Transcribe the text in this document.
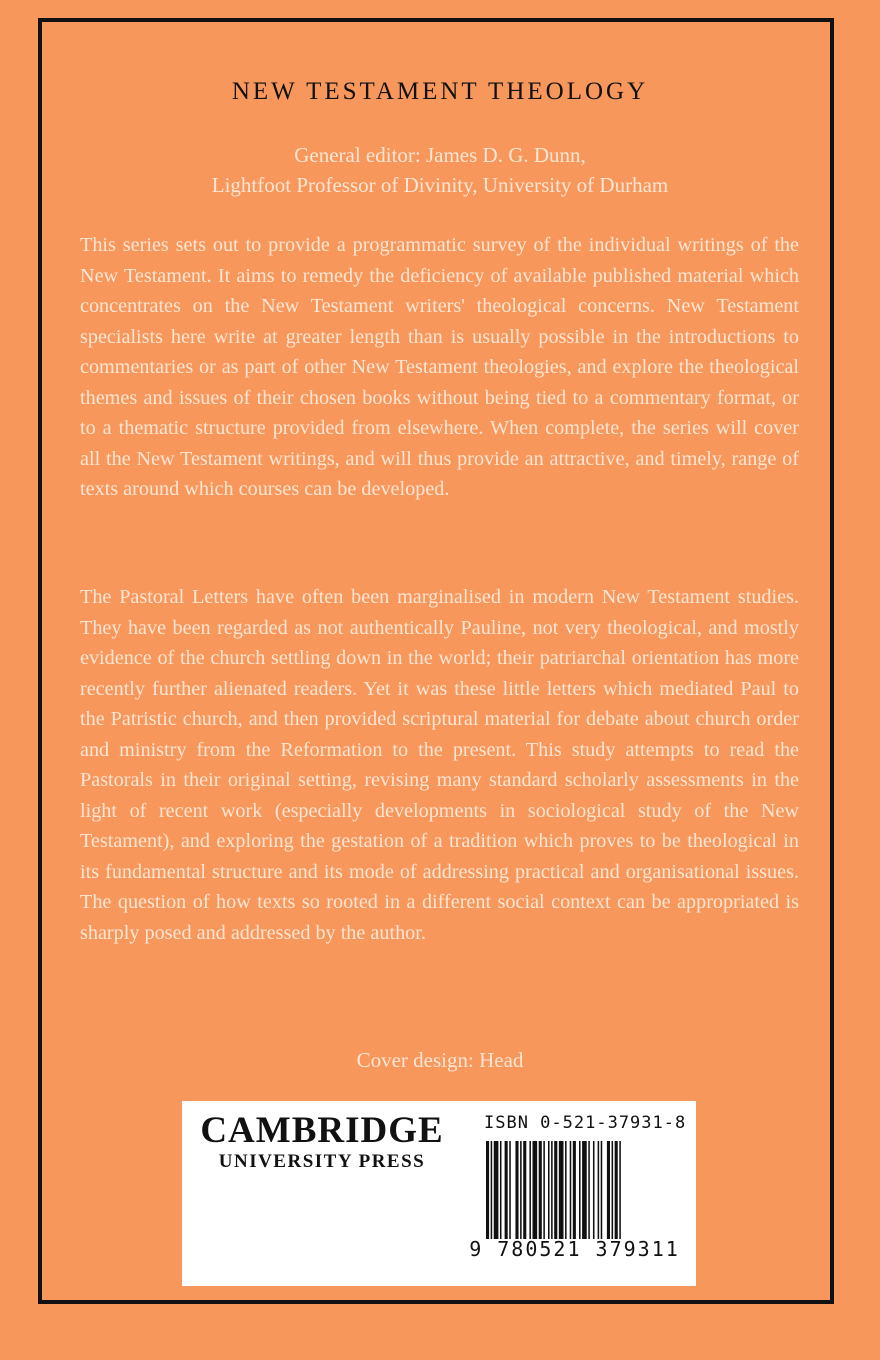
NEW TESTAMENT THEOLOGY
General editor: James D. G. Dunn,
Lightfoot Professor of Divinity, University of Durham

This series sets out to provide a programmatic survey of the individual writings of the New Testament. It aims to remedy the deficiency of available published material which concentrates on the New Testament writers' theological concerns. New Testament specialists here write at greater length than is usually possible in the introductions to commentaries or as part of other New Testament theologies, and explore the theological themes and issues of their chosen books without being tied to a commentary format, or to a thematic structure provided from elsewhere. When complete, the series will cover all the New Testament writings, and will thus provide an attractive, and timely, range of texts around which courses can be developed.

The Pastoral Letters have often been marginalised in modern New Testament studies. They have been regarded as not authentically Pauline, not very theological, and mostly evidence of the church settling down in the world; their patriarchal orientation has more recently further alienated readers. Yet it was these little letters which mediated Paul to the Patristic church, and then provided scriptural material for debate about church order and ministry from the Reformation to the present. This study attempts to read the Pastorals in their original setting, revising many standard scholarly assessments in the light of recent work (especially developments in sociological study of the New Testament), and exploring the gestation of a tradition which proves to be theological in its fundamental structure and its mode of addressing practical and organisational issues. The question of how texts so rooted in a different social context can be appropriated is sharply posed and addressed by the author.

Cover design: Head
CAMBRIDGE
UNIVERSITY PRESS
ISBN 0-521-37931-8
9 780521 379311
